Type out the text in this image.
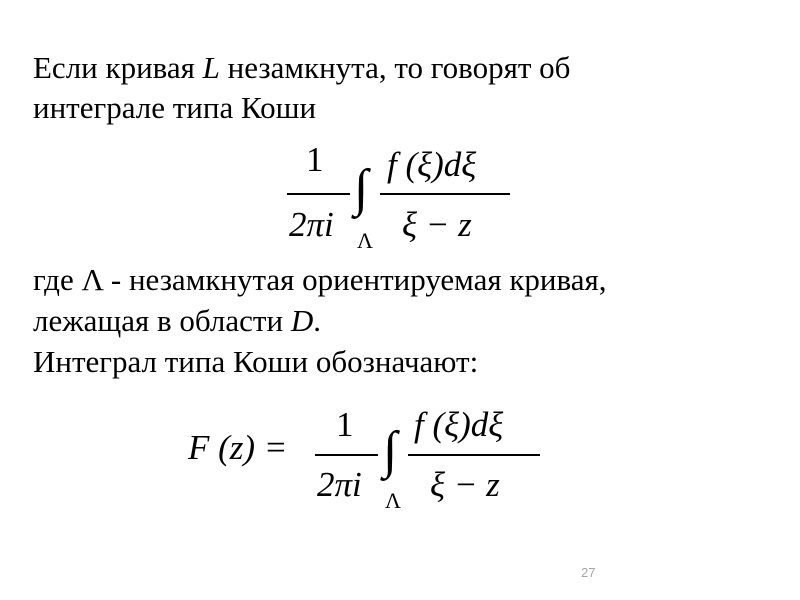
Если кривая L незамкнута, то говорят об
интеграле типа Коши
1
2πi
∫
Λ
f (ξ)dξ
ξ − z
где Λ - незамкнутая ориентируемая кривая,
лежащая в области D.
Интеграл типа Коши обозначают:
F (z) =
1
2πi
∫
Λ
f (ξ)dξ
ξ − z
27
